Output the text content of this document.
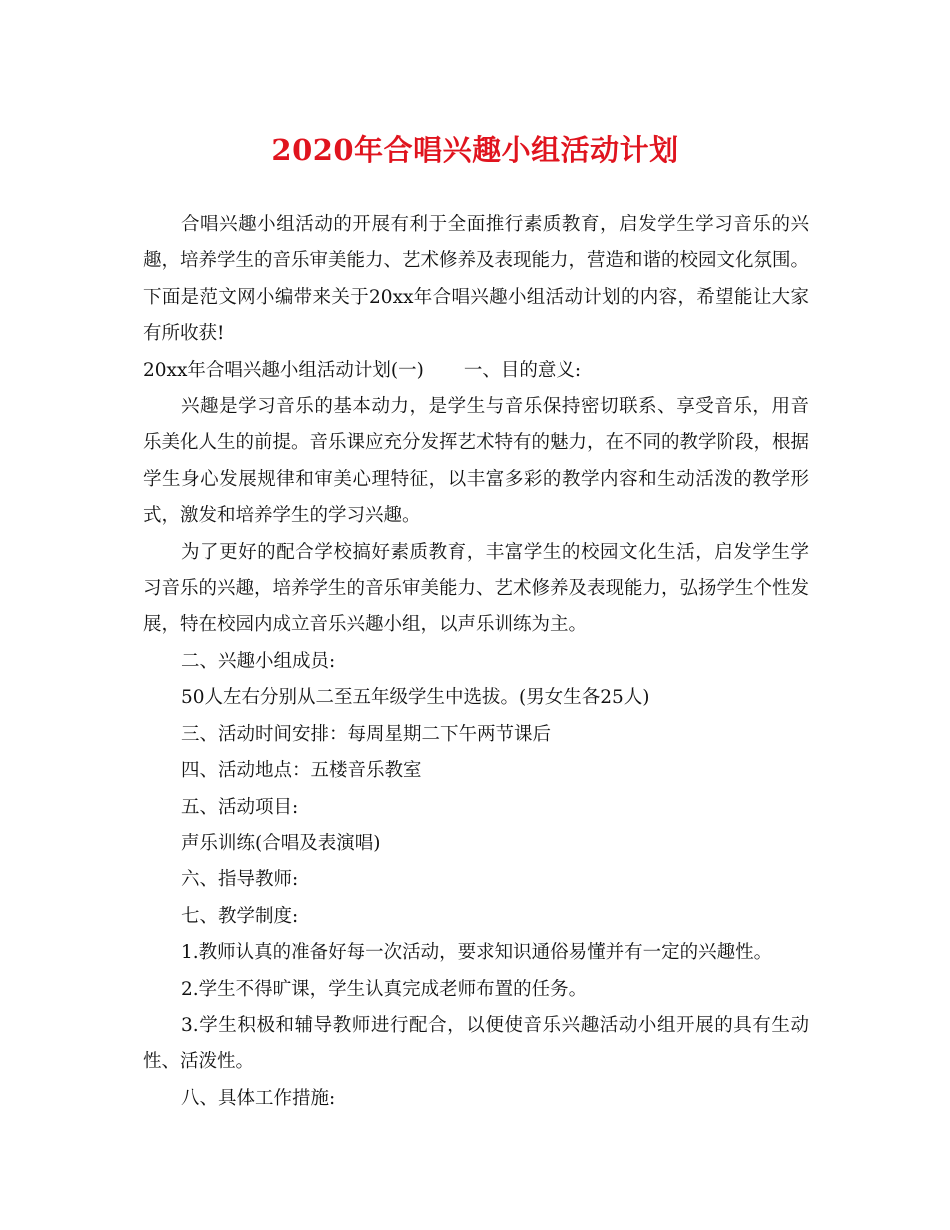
2020年合唱兴趣小组活动计划

合唱兴趣小组活动的开展有利于全面推行素质教育，启发学生学习音乐的兴趣，培养学生的音乐审美能力、艺术修养及表现能力，营造和谐的校园文化氛围。下面是范文网小编带来关于20xx年合唱兴趣小组活动计划的内容，希望能让大家有所收获!

20xx年合唱兴趣小组活动计划(一) 一、目的意义:

兴趣是学习音乐的基本动力，是学生与音乐保持密切联系、享受音乐，用音乐美化人生的前提。音乐课应充分发挥艺术特有的魅力，在不同的教学阶段，根据学生身心发展规律和审美心理特征，以丰富多彩的教学内容和生动活泼的教学形式，激发和培养学生的学习兴趣。

为了更好的配合学校搞好素质教育，丰富学生的校园文化生活，启发学生学习音乐的兴趣，培养学生的音乐审美能力、艺术修养及表现能力，弘扬学生个性发展，特在校园内成立音乐兴趣小组，以声乐训练为主。

二、兴趣小组成员:

50人左右分别从二至五年级学生中选拔。(男女生各25人)

三、活动时间安排：每周星期二下午两节课后

四、活动地点：五楼音乐教室

五、活动项目:

声乐训练(合唱及表演唱)

六、指导教师:

七、教学制度:

1.教师认真的准备好每一次活动，要求知识通俗易懂并有一定的兴趣性。

2.学生不得旷课，学生认真完成老师布置的任务。

3.学生积极和辅导教师进行配合，以便使音乐兴趣活动小组开展的具有生动性、活泼性。

八、具体工作措施:
